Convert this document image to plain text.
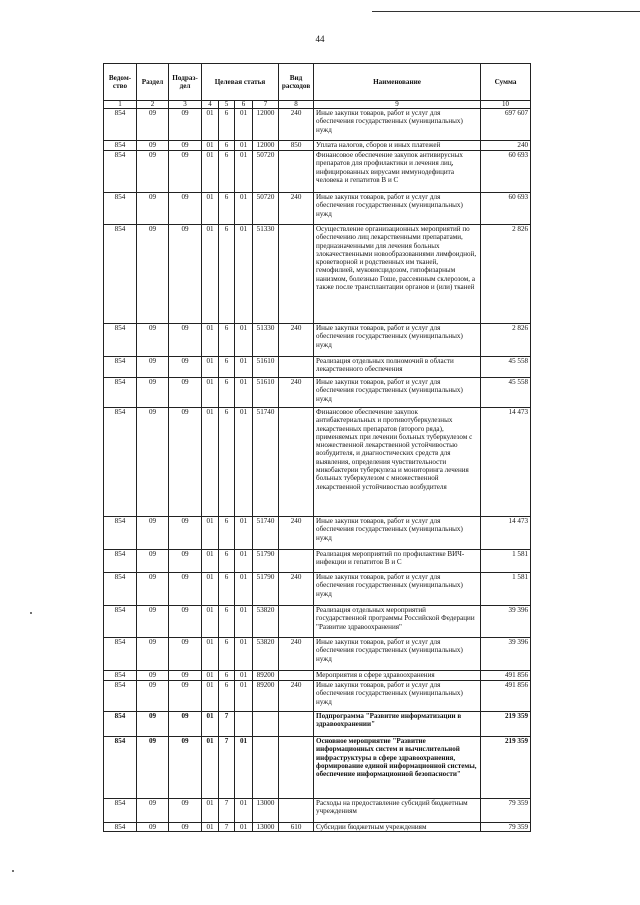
44
Ведом-ство	Раздел	Подраз-дел	Целевая статья				Вид расходов	Наименование	Сумма
1	2	3	4	5	6	7	8	9	10
854	09	09	01	6	01	12000	240	Иные закупки товаров, работ и услуг для обеспечения государственных (муниципальных) нужд	697 607
854	09	09	01	6	01	12000	850	Уплата налогов, сборов и иных платежей	240
854	09	09	01	6	01	50720		Финансовое обеспечение закупок антивирусных препаратов для профилактики и лечения лиц, инфицированных вирусами иммунодефицита человека и гепатитов В и С	60 693
854	09	09	01	6	01	50720	240	Иные закупки товаров, работ и услуг для обеспечения государственных (муниципальных) нужд	60 693
854	09	09	01	6	01	51330		Осуществление организационных мероприятий по обеспечению лиц лекарственными препаратами, предназначенными для лечения больных злокачественными новообразованиями лимфоидной, кроветворной и родственных им тканей, гемофилией, муковисцидозом, гипофизарным нанизмом, болезнью Гоше, рассеянным склерозом, а также после трансплантации органов и (или) тканей	2 826
854	09	09	01	6	01	51330	240	Иные закупки товаров, работ и услуг для обеспечения государственных (муниципальных) нужд	2 826
854	09	09	01	6	01	51610		Реализация отдельных полномочий в области лекарственного обеспечения	45 558
854	09	09	01	6	01	51610	240	Иные закупки товаров, работ и услуг для обеспечения государственных (муниципальных) нужд	45 558
854	09	09	01	6	01	51740		Финансовое обеспечение закупок антибактериальных и противотуберкулезных лекарственных препаратов (второго ряда), применяемых при лечении больных туберкулезом с множественной лекарственной устойчивостью возбудителя, и диагностических средств для выявления, определения чувствительности микобактерии туберкулеза и мониторинга лечения больных туберкулезом с множественной лекарственной устойчивостью возбудителя	14 473
854	09	09	01	6	01	51740	240	Иные закупки товаров, работ и услуг для обеспечения государственных (муниципальных) нужд	14 473
854	09	09	01	6	01	51790		Реализация мероприятий по профилактике ВИЧ-инфекции и гепатитов В и С	1 581
854	09	09	01	6	01	51790	240	Иные закупки товаров, работ и услуг для обеспечения государственных (муниципальных) нужд	1 581
854	09	09	01	6	01	53820		Реализация отдельных мероприятий государственной программы Российской Федерации "Развитие здравоохранения"	39 396
854	09	09	01	6	01	53820	240	Иные закупки товаров, работ и услуг для обеспечения государственных (муниципальных) нужд	39 396
854	09	09	01	6	01	89200		Мероприятия в сфере здравоохранения	491 856
854	09	09	01	6	01	89200	240	Иные закупки товаров, работ и услуг для обеспечения государственных (муниципальных) нужд	491 856
854	09	09	01	7				Подпрограмма "Развитие информатизации в здравоохранении"	219 359
854	09	09	01	7	01			Основное мероприятие "Развитие информационных систем и вычислительной инфраструктуры в сфере здравоохранения, формирование единой информационной системы, обеспечение информационной безопасности"	219 359
854	09	09	01	7	01	13000		Расходы на предоставление субсидий бюджетным учреждениям	79 359
854	09	09	01	7	01	13000	610	Субсидии бюджетным учреждениям	79 359
